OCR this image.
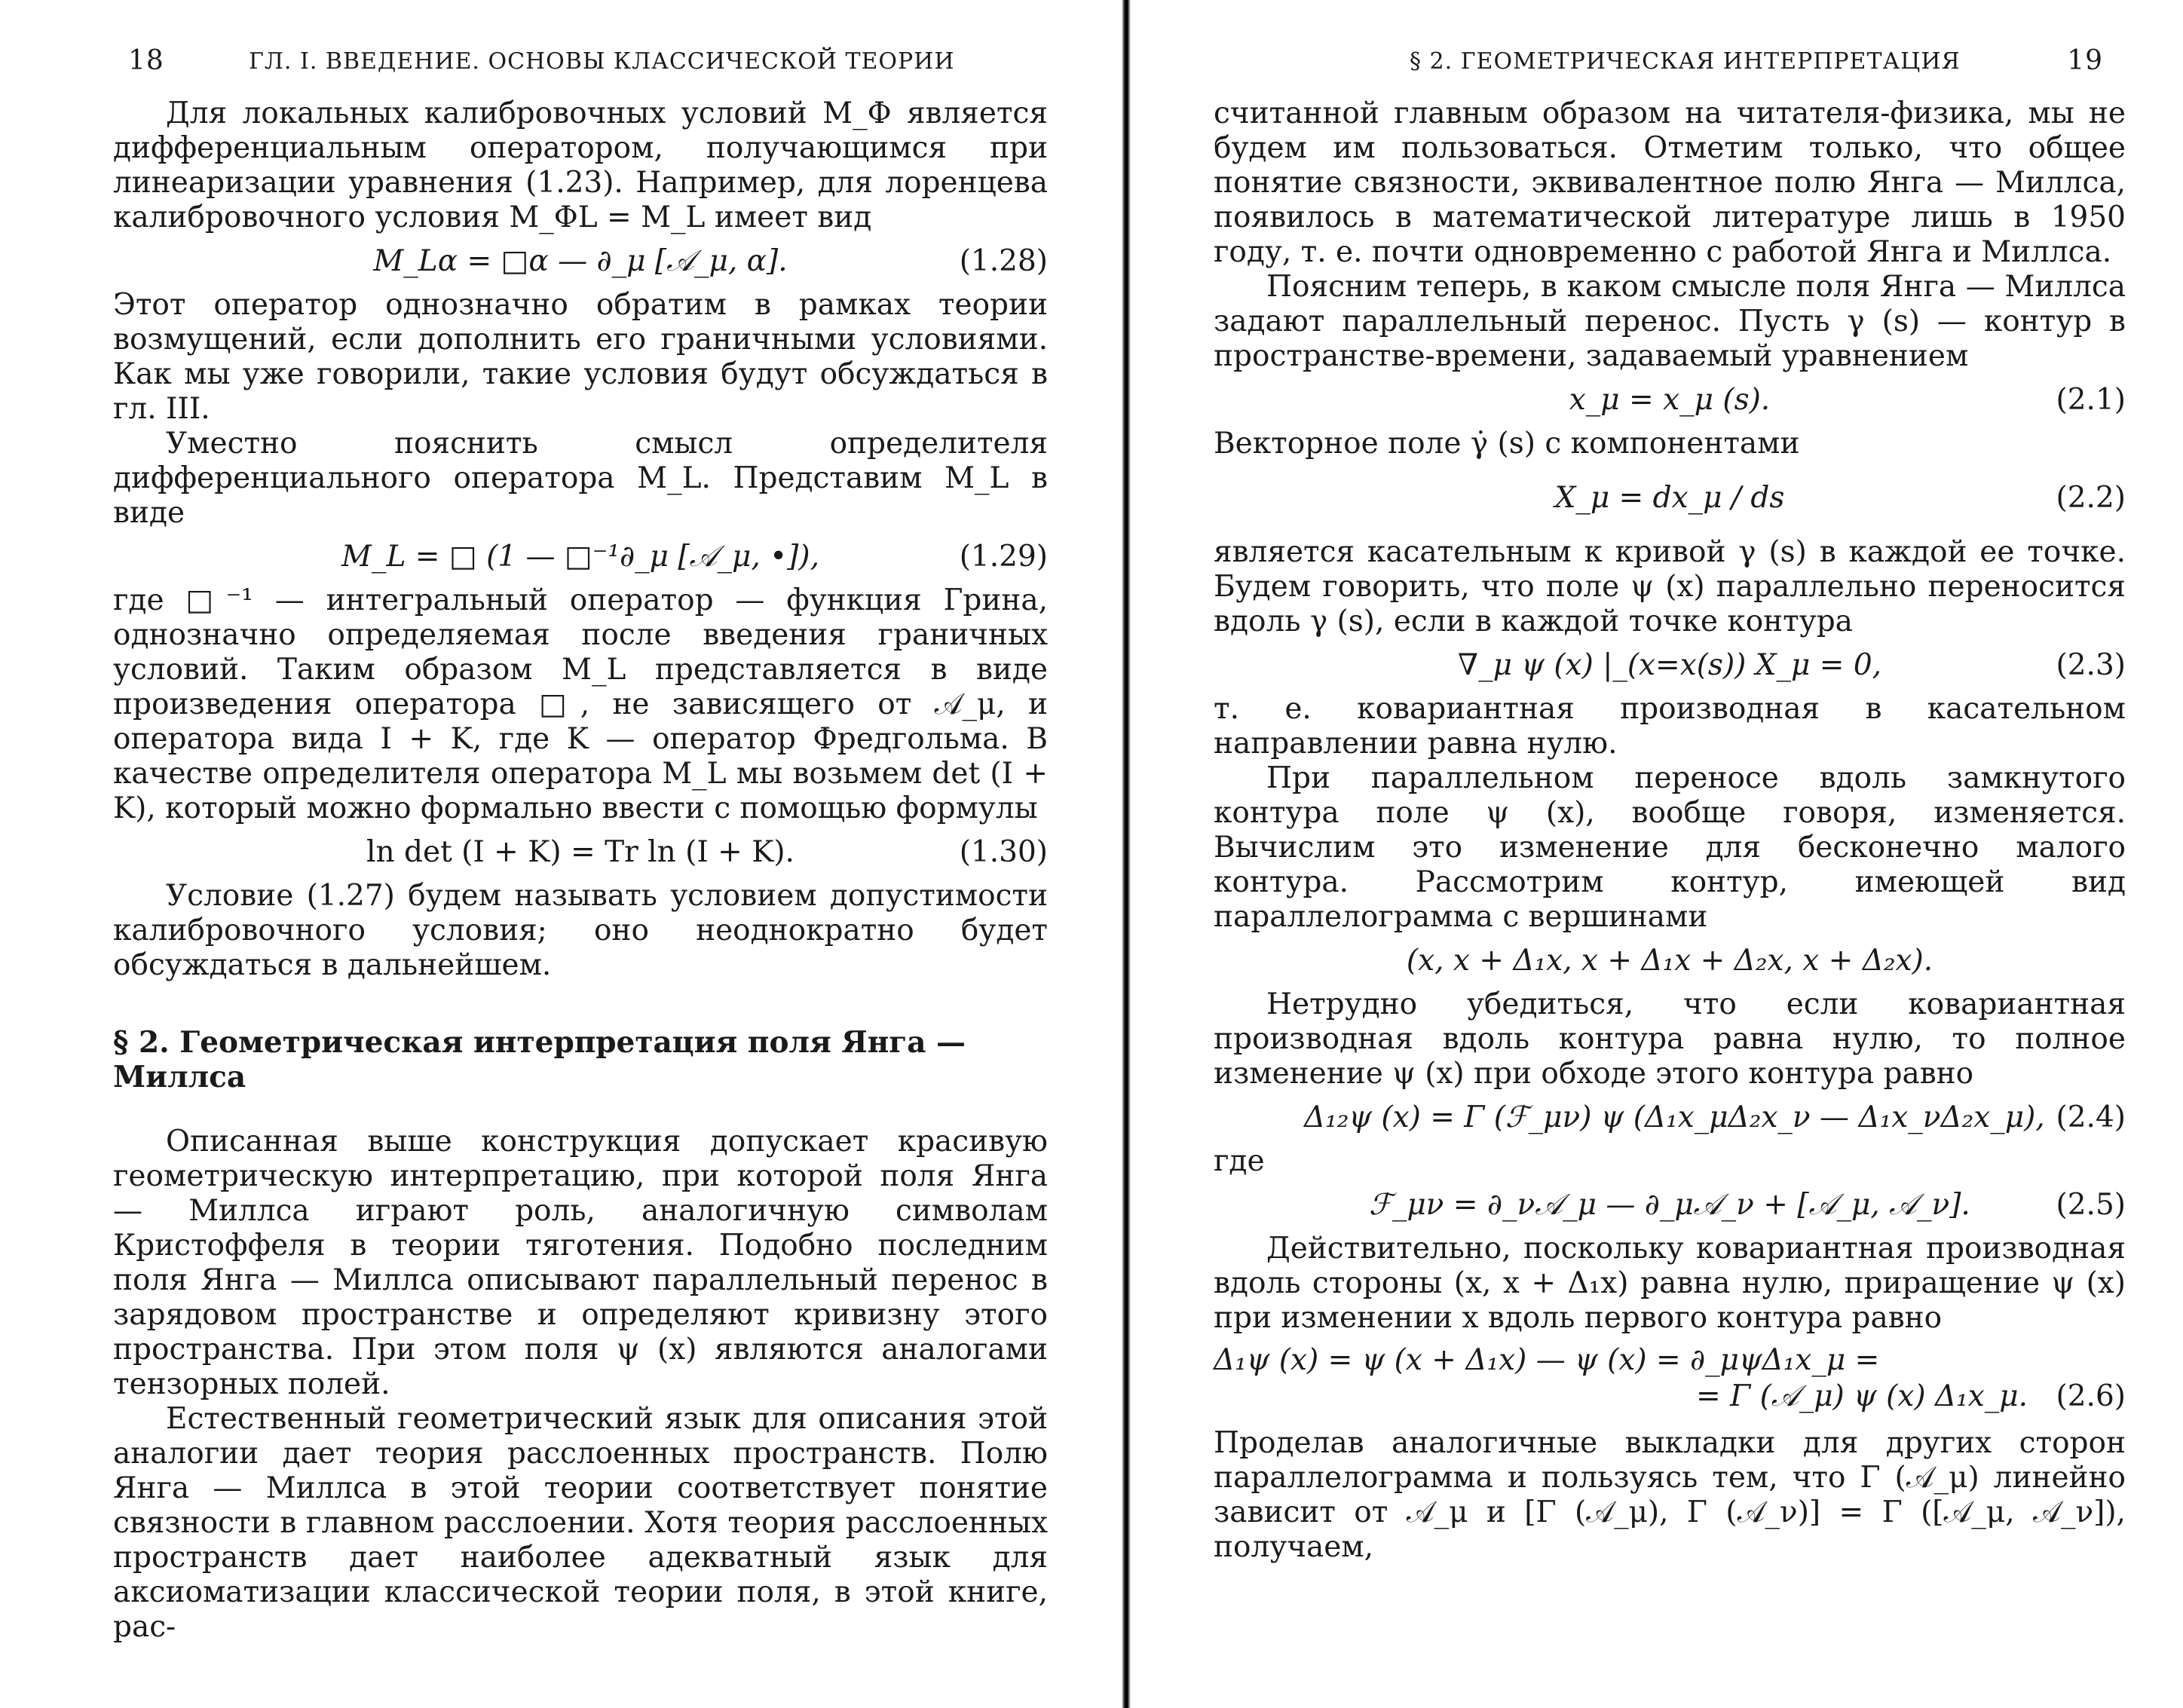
18	ГЛ. I. ВВЕДЕНИЕ. ОСНОВЫ КЛАССИЧЕСКОЙ ТЕОРИИ

Для локальных калибровочных условий M_Φ является дифференциальным оператором, получающимся при линеаризации уравнения (1.23). Например, для лоренцева калибровочного условия M_ΦL = M_L имеет вид

M_Lα = □α — ∂_μ [𝒜_μ, α].	(1.28)

Этот оператор однозначно обратим в рамках теории возмущений, если дополнить его граничными условиями. Как мы уже говорили, такие условия будут обсуждаться в гл. III.

Уместно пояснить смысл определителя дифференциального оператора M_L. Представим M_L в виде

M_L = □ (1 — □⁻¹∂_μ [𝒜_μ, •]),	(1.29)

где □⁻¹ — интегральный оператор — функция Грина, однозначно определяемая после введения граничных условий. Таким образом M_L представляется в виде произведения оператора □, не зависящего от 𝒜_μ, и оператора вида I + K, где K — оператор Фредгольма. В качестве определителя оператора M_L мы возьмем det (I + K), который можно формально ввести с помощью формулы

ln det (I + K) = Tr ln (I + K).	(1.30)

Условие (1.27) будем называть условием допустимости калибровочного условия; оно неоднократно будет обсуждаться в дальнейшем.

§ 2. Геометрическая интерпретация поля Янга — Миллса

Описанная выше конструкция допускает красивую геометрическую интерпретацию, при которой поля Янга — Миллса играют роль, аналогичную символам Кристоффеля в теории тяготения. Подобно последним поля Янга — Миллса описывают параллельный перенос в зарядовом пространстве и определяют кривизну этого пространства. При этом поля ψ (x) являются аналогами тензорных полей.

Естественный геометрический язык для описания этой аналогии дает теория расслоенных пространств. Полю Янга — Миллса в этой теории соответствует понятие связности в главном расслоении. Хотя теория расслоенных пространств дает наиболее адекватный язык для аксиоматизации классической теории поля, в этой книге, рас-

§ 2. ГЕОМЕТРИЧЕСКАЯ ИНТЕРПРЕТАЦИЯ	19

считанной главным образом на читателя-физика, мы не будем им пользоваться. Отметим только, что общее понятие связности, эквивалентное полю Янга — Миллса, появилось в математической литературе лишь в 1950 году, т. е. почти одновременно с работой Янга и Миллса.

Поясним теперь, в каком смысле поля Янга — Миллса задают параллельный перенос. Пусть γ (s) — контур в пространстве-времени, задаваемый уравнением

x_μ = x_μ (s).	(2.1)

Векторное поле γ̇ (s) с компонентами

X_μ = dx_μ / ds	(2.2)

является касательным к кривой γ (s) в каждой ее точке. Будем говорить, что поле ψ (x) параллельно переносится вдоль γ (s), если в каждой точке контура

∇_μ ψ (x) |_(x=x(s)) X_μ = 0,	(2.3)

т. е. ковариантная производная в касательном направлении равна нулю.

При параллельном переносе вдоль замкнутого контура поле ψ (x), вообще говоря, изменяется. Вычислим это изменение для бесконечно малого контура. Рассмотрим контур, имеющей вид параллелограмма с вершинами

(x, x + Δ₁x, x + Δ₁x + Δ₂x, x + Δ₂x).

Нетрудно убедиться, что если ковариантная производная вдоль контура равна нулю, то полное изменение ψ (x) при обходе этого контура равно

Δ₁₂ψ (x) = Γ (ℱ_μν) ψ (Δ₁x_μΔ₂x_ν — Δ₁x_νΔ₂x_μ), (2.4)

где

ℱ_μν = ∂_ν𝒜_μ — ∂_μ𝒜_ν + [𝒜_μ, 𝒜_ν].	(2.5)

Действительно, поскольку ковариантная производная вдоль стороны (x, x + Δ₁x) равна нулю, приращение ψ (x) при изменении x вдоль первого контура равно

Δ₁ψ (x) = ψ (x + Δ₁x) — ψ (x) = ∂_μψΔ₁x_μ =
= Γ (𝒜_μ) ψ (x) Δ₁x_μ. (2.6)

Проделав аналогичные выкладки для других сторон параллелограмма и пользуясь тем, что Γ (𝒜_μ) линейно зависит от 𝒜_μ и [Γ (𝒜_μ), Γ (𝒜_ν)] = Γ ([𝒜_μ, 𝒜_ν]), получаем,
